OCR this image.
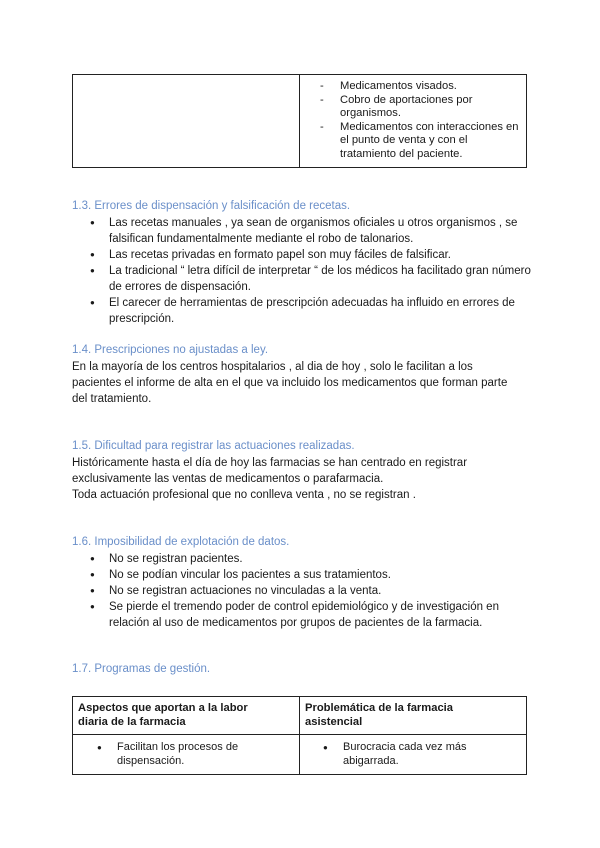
- Medicamentos visados.
- Cobro de aportaciones por organismos.
- Medicamentos con interacciones en el punto de venta y con el tratamiento del paciente.
1.3. Errores de dispensación y falsificación de recetas.
● Las recetas manuales , ya sean de organismos oficiales u otros organismos , se falsifican fundamentalmente mediante el robo de talonarios.
● Las recetas privadas en formato papel son muy fáciles de falsificar.
● La tradicional “ letra difícil de interpretar “ de los médicos ha facilitado gran número de errores de dispensación.
● El carecer de herramientas de prescripción adecuadas ha influido en errores de prescripción.
1.4. Prescripciones no ajustadas a ley.
En la mayoría de los centros hospitalarios , al dia de hoy , solo le facilitan a los pacientes el informe de alta en el que va incluido los medicamentos que forman parte del tratamiento.
1.5. Dificultad para registrar las actuaciones realizadas.
Históricamente hasta el día de hoy las farmacias se han centrado en registrar exclusivamente las ventas de medicamentos o parafarmacia.
Toda actuación profesional que no conlleva venta , no se registran .
1.6. Imposibilidad de explotación de datos.
● No se registran pacientes.
● No se podían vincular los pacientes a sus tratamientos.
● No se registran actuaciones no vinculadas a la venta.
● Se pierde el tremendo poder de control epidemiológico y de investigación en relación al uso de medicamentos por grupos de pacientes de la farmacia.
1.7. Programas de gestión.
Aspectos que aportan a la labor diaria de la farmacia
Problemática de la farmacia asistencial
●	Facilitan los procesos de dispensación.
●	Burocracia cada vez más abigarrada.
